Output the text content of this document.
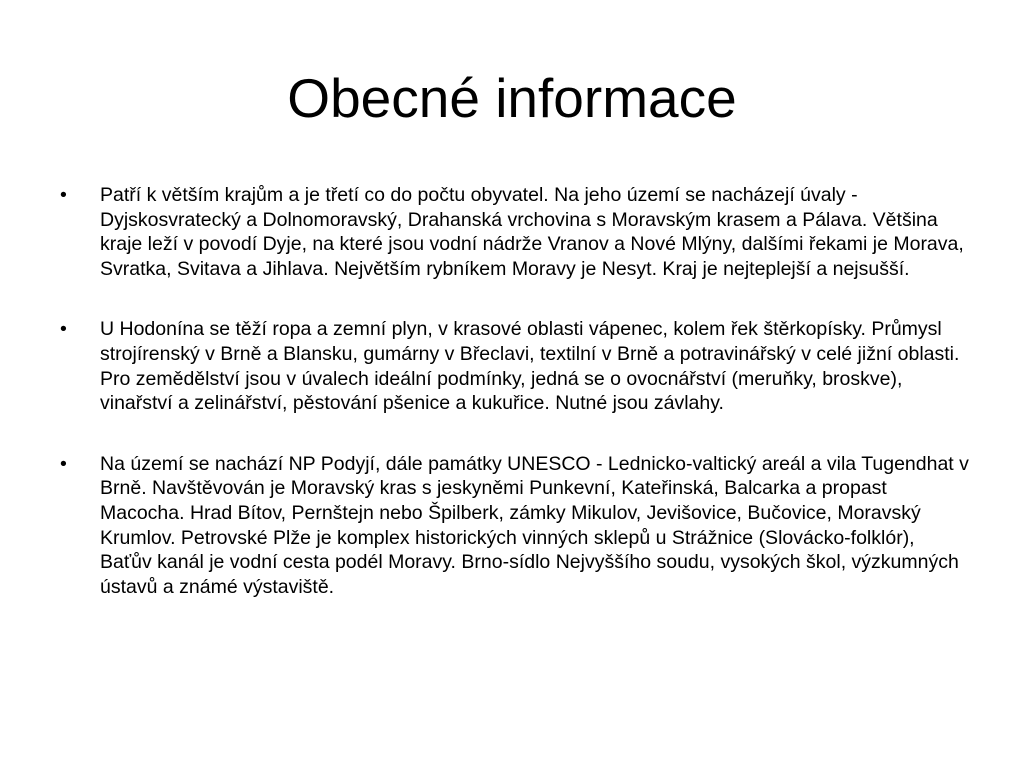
Obecné informace
•	Patří k větším krajům a je třetí co do počtu obyvatel. Na jeho území se nacházejí úvaly - Dyjskosvratecký a Dolnomoravský, Drahanská vrchovina s Moravským krasem a Pálava. Většina kraje leží v povodí Dyje, na které jsou vodní nádrže Vranov a Nové Mlýny, dalšími řekami je Morava, Svratka, Svitava a Jihlava. Největším rybníkem Moravy je Nesyt. Kraj je nejteplejší a nejsušší.
•	U Hodonína se těží ropa a zemní plyn, v krasové oblasti vápenec, kolem řek štěrkopísky. Průmysl strojírenský v Brně a Blansku, gumárny v Břeclavi, textilní v Brně a potravinářský v celé jižní oblasti. Pro zemědělství jsou v úvalech ideální podmínky, jedná se o ovocnářství (meruňky, broskve), vinařství a zelinářství, pěstování pšenice a kukuřice. Nutné jsou závlahy.
•	Na území se nachází NP Podyjí, dále památky UNESCO - Lednicko-valtický areál a vila Tugendhat v Brně. Navštěvován je Moravský kras s jeskyněmi Punkevní, Kateřinská, Balcarka a propast Macocha. Hrad Bítov, Pernštejn nebo Špilberk, zámky Mikulov, Jevišovice, Bučovice, Moravský Krumlov. Petrovské Plže je komplex historických vinných sklepů u Strážnice (Slovácko-folklór), Baťův kanál je vodní cesta podél Moravy. Brno-sídlo Nejvyššího soudu, vysokých škol, výzkumných ústavů a známé výstaviště.
